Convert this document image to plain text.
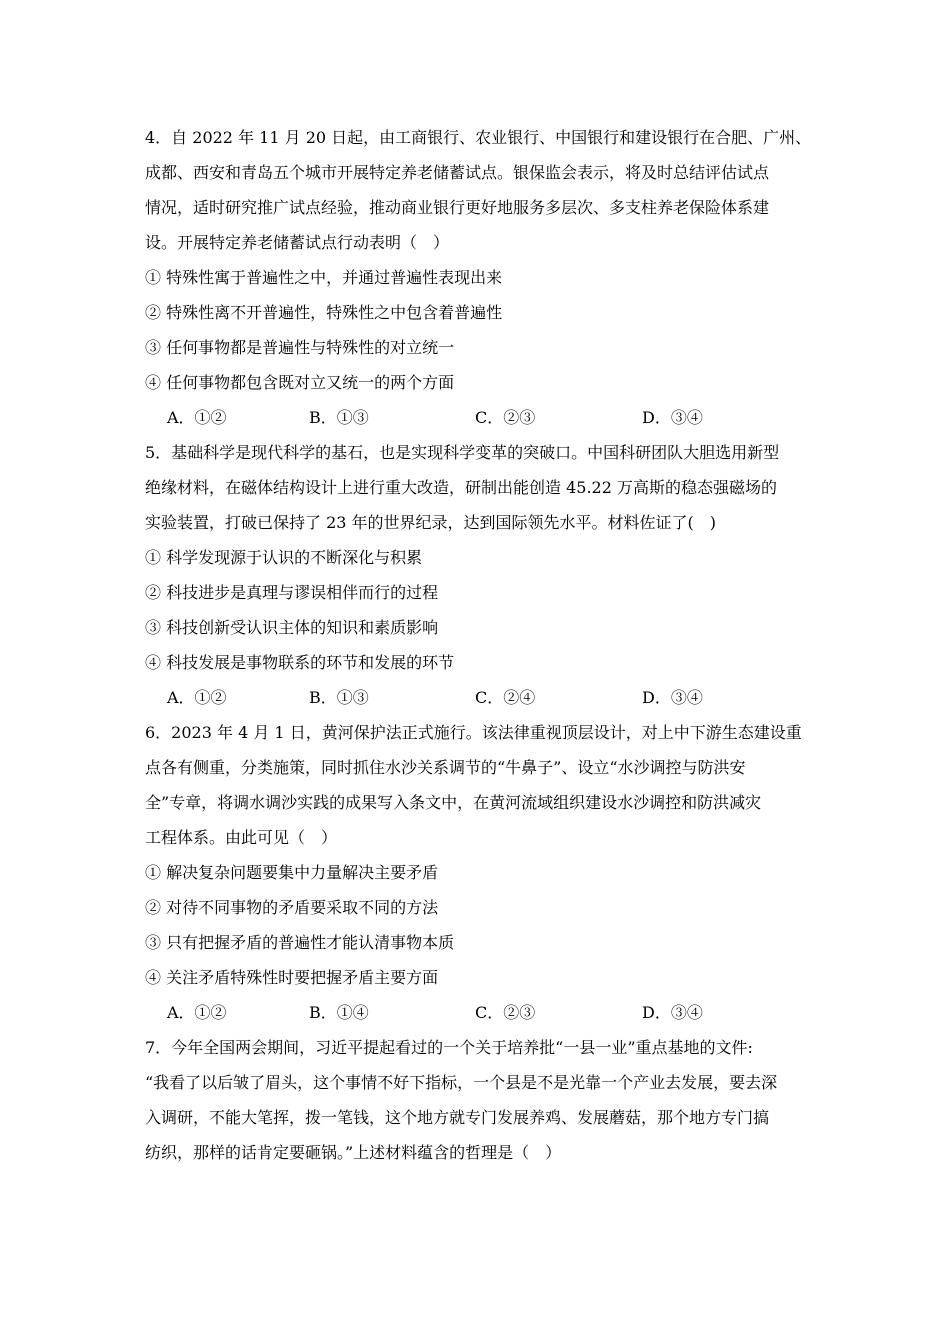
4．自 2022 年 11 月 20 日起，由工商银行、农业银行、中国银行和建设银行在合肥、广州、

成都、西安和青岛五个城市开展特定养老储蓄试点。银保监会表示，将及时总结评估试点

情况，适时研究推广试点经验，推动商业银行更好地服务多层次、多支柱养老保险体系建

设。开展特定养老储蓄试点行动表明（　）

① 特殊性寓于普遍性之中，并通过普遍性表现出来

② 特殊性离不开普遍性，特殊性之中包含着普遍性

③ 任何事物都是普遍性与特殊性的对立统一

④ 任何事物都包含既对立又统一的两个方面

A．①②	B．①③	C．②③	D．③④

5．基础科学是现代科学的基石，也是实现科学变革的突破口。中国科研团队大胆选用新型

绝缘材料，在磁体结构设计上进行重大改造，研制出能创造 45.22 万高斯的稳态强磁场的

实验装置，打破已保持了 23 年的世界纪录，达到国际领先水平。材料佐证了(　)

① 科学发现源于认识的不断深化与积累

② 科技进步是真理与谬误相伴而行的过程

③ 科技创新受认识主体的知识和素质影响

④ 科技发展是事物联系的环节和发展的环节

A．①②	B．①③	C．②④	D．③④

6．2023 年 4 月 1 日，黄河保护法正式施行。该法律重视顶层设计，对上中下游生态建设重

点各有侧重，分类施策，同时抓住水沙关系调节的“牛鼻子”、设立“水沙调控与防洪安

全”专章，将调水调沙实践的成果写入条文中，在黄河流域组织建设水沙调控和防洪减灾

工程体系。由此可见（　）

① 解决复杂问题要集中力量解决主要矛盾

② 对待不同事物的矛盾要采取不同的方法

③ 只有把握矛盾的普遍性才能认清事物本质

④ 关注矛盾特殊性时要把握矛盾主要方面

A．①②	B．①④	C．②③	D．③④

7．今年全国两会期间，习近平提起看过的一个关于培养批“一县一业”重点基地的文件:

“我看了以后皱了眉头，这个事情不好下指标，一个县是不是光靠一个产业去发展，要去深

入调研，不能大笔挥，拨一笔钱，这个地方就专门发展养鸡、发展蘑菇，那个地方专门搞

纺织，那样的话肯定要砸锅。”上述材料蕴含的哲理是（　）
